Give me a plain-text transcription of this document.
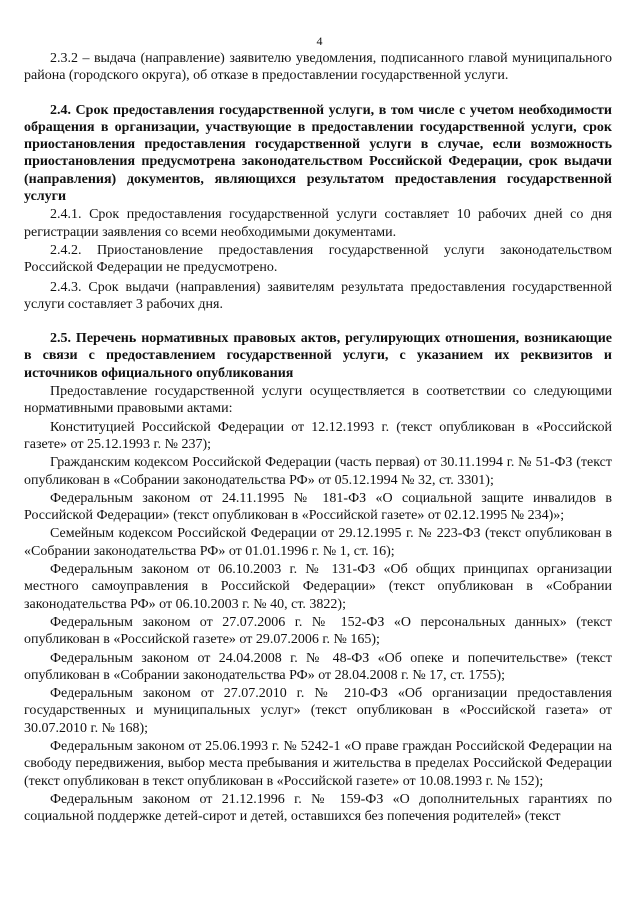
4

2.3.2 – выдача (направление) заявителю уведомления, подписанного главой муниципального района (городского округа), об отказе в предоставлении государственной услуги.

2.4. Срок предоставления государственной услуги, в том числе с учетом необходимости обращения в организации, участвующие в предоставлении государственной услуги, срок приостановления предоставления государственной услуги в случае, если возможность приостановления предусмотрена законодательством Российской Федерации, срок выдачи (направления) документов, являющихся результатом предоставления государственной услуги

2.4.1. Срок предоставления государственной услуги составляет 10 рабочих дней со дня регистрации заявления со всеми необходимыми документами.

2.4.2. Приостановление предоставления государственной услуги законодательством Российской Федерации не предусмотрено.

2.4.3. Срок выдачи (направления) заявителям результата предоставления государственной услуги составляет 3 рабочих дня.

2.5. Перечень нормативных правовых актов, регулирующих отношения, возникающие в связи с предоставлением государственной услуги, с указанием их реквизитов и источников официального опубликования

Предоставление государственной услуги осуществляется в соответствии со следующими нормативными правовыми актами:

Конституцией Российской Федерации от 12.12.1993 г. (текст опубликован в «Российской газете» от 25.12.1993 г. № 237);

Гражданским кодексом Российской Федерации (часть первая) от 30.11.1994 г. № 51-ФЗ (текст опубликован в «Собрании законодательства РФ» от 05.12.1994 № 32, ст. 3301);

Федеральным законом от 24.11.1995 № 181-ФЗ «О социальной защите инвалидов в Российской Федерации» (текст опубликован в «Российской газете» от 02.12.1995 № 234)»;

Семейным кодексом Российской Федерации от 29.12.1995 г. № 223-ФЗ (текст опубликован в «Собрании законодательства РФ» от 01.01.1996 г. № 1, ст. 16);

Федеральным законом от 06.10.2003 г. № 131-ФЗ «Об общих принципах организации местного самоуправления в Российской Федерации» (текст опубликован в «Собрании законодательства РФ» от 06.10.2003 г. № 40, ст. 3822);

Федеральным законом от 27.07.2006 г. № 152-ФЗ «О персональных данных» (текст опубликован в «Российской газете» от 29.07.2006 г. № 165);

Федеральным законом от 24.04.2008 г. № 48-ФЗ «Об опеке и попечительстве» (текст опубликован в «Собрании законодательства РФ» от 28.04.2008 г. № 17, ст. 1755);

Федеральным законом от 27.07.2010 г. № 210-ФЗ «Об организации предоставления государственных и муниципальных услуг» (текст опубликован в «Российской газета» от 30.07.2010 г. № 168);

Федеральным законом от 25.06.1993 г. № 5242-1 «О праве граждан Российской Федерации на свободу передвижения, выбор места пребывания и жительства в пределах Российской Федерации (текст опубликован в текст опубликован в «Российской газете» от 10.08.1993 г. № 152);

Федеральным законом от 21.12.1996 г. № 159-ФЗ «О дополнительных гарантиях по социальной поддержке детей-сирот и детей, оставшихся без попечения родителей» (текст
